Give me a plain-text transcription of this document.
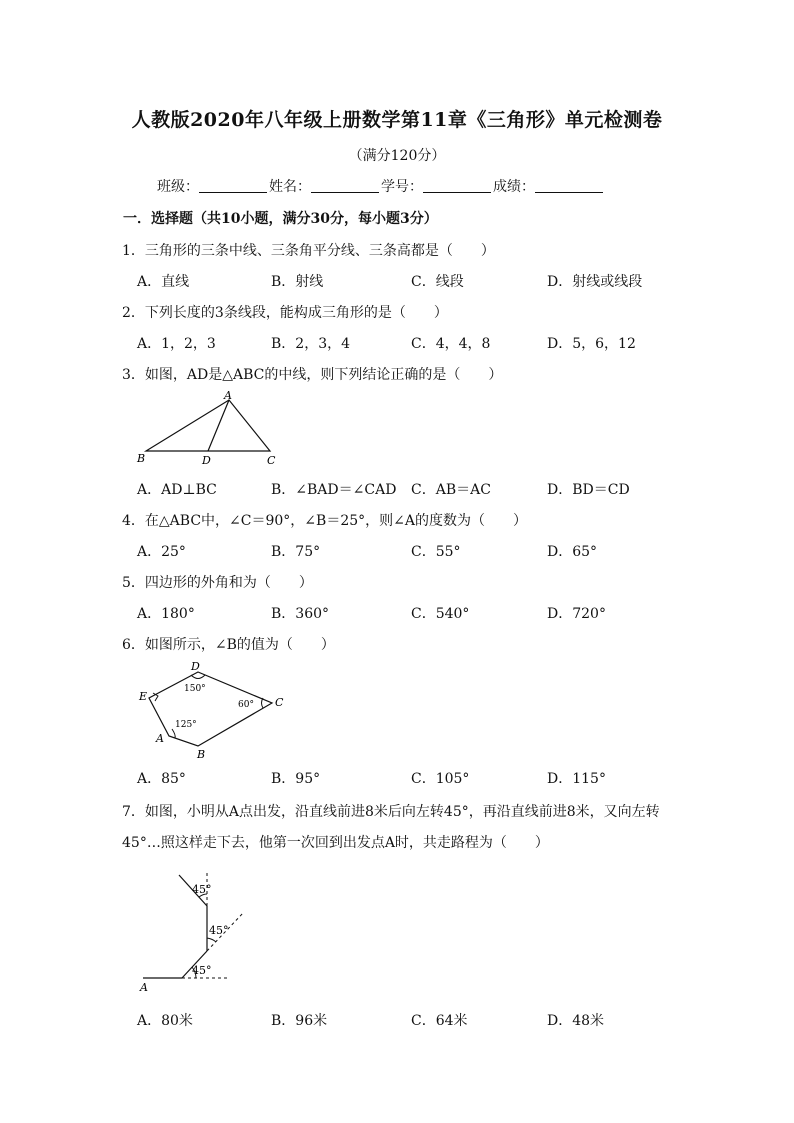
人教版2020年八年级上册数学第11章《三角形》单元检测卷
（满分120分）
班级：	姓名：	学号：	成绩：
一．选择题（共10小题，满分30分，每小题3分）
1．三角形的三条中线、三条角平分线、三条高都是（　　）
A．直线	B．射线	C．线段	D．射线或线段
2．下列长度的3条线段，能构成三角形的是（　　）
A．1，2，3	B．2，3，4	C．4，4，8	D．5，6，12
3．如图，AD是△ABC的中线，则下列结论正确的是（　　）
A
B	D	C
A．AD⊥BC	B．∠BAD＝∠CAD C．AB＝AC	D．BD＝CD
4．在△ABC中，∠C＝90°，∠B＝25°，则∠A的度数为（　　）
A．25°	B．75°	C．55°	D．65°
5．四边形的外角和为（　　）
A．180°	B．360°	C．540°	D．720°
6．如图所示，∠B的值为（　　）
D
E	C
A
B
150°
125°
60°
A．85°	B．95°	C．105°	D．115°
7．如图，小明从A点出发，沿直线前进8米后向左转45°，再沿直线前进8米，又向左转
45°…照这样走下去，他第一次回到出发点A时，共走路程为（　　）
45°
45°
45°
A
A．80米	B．96米	C．64米	D．48米
